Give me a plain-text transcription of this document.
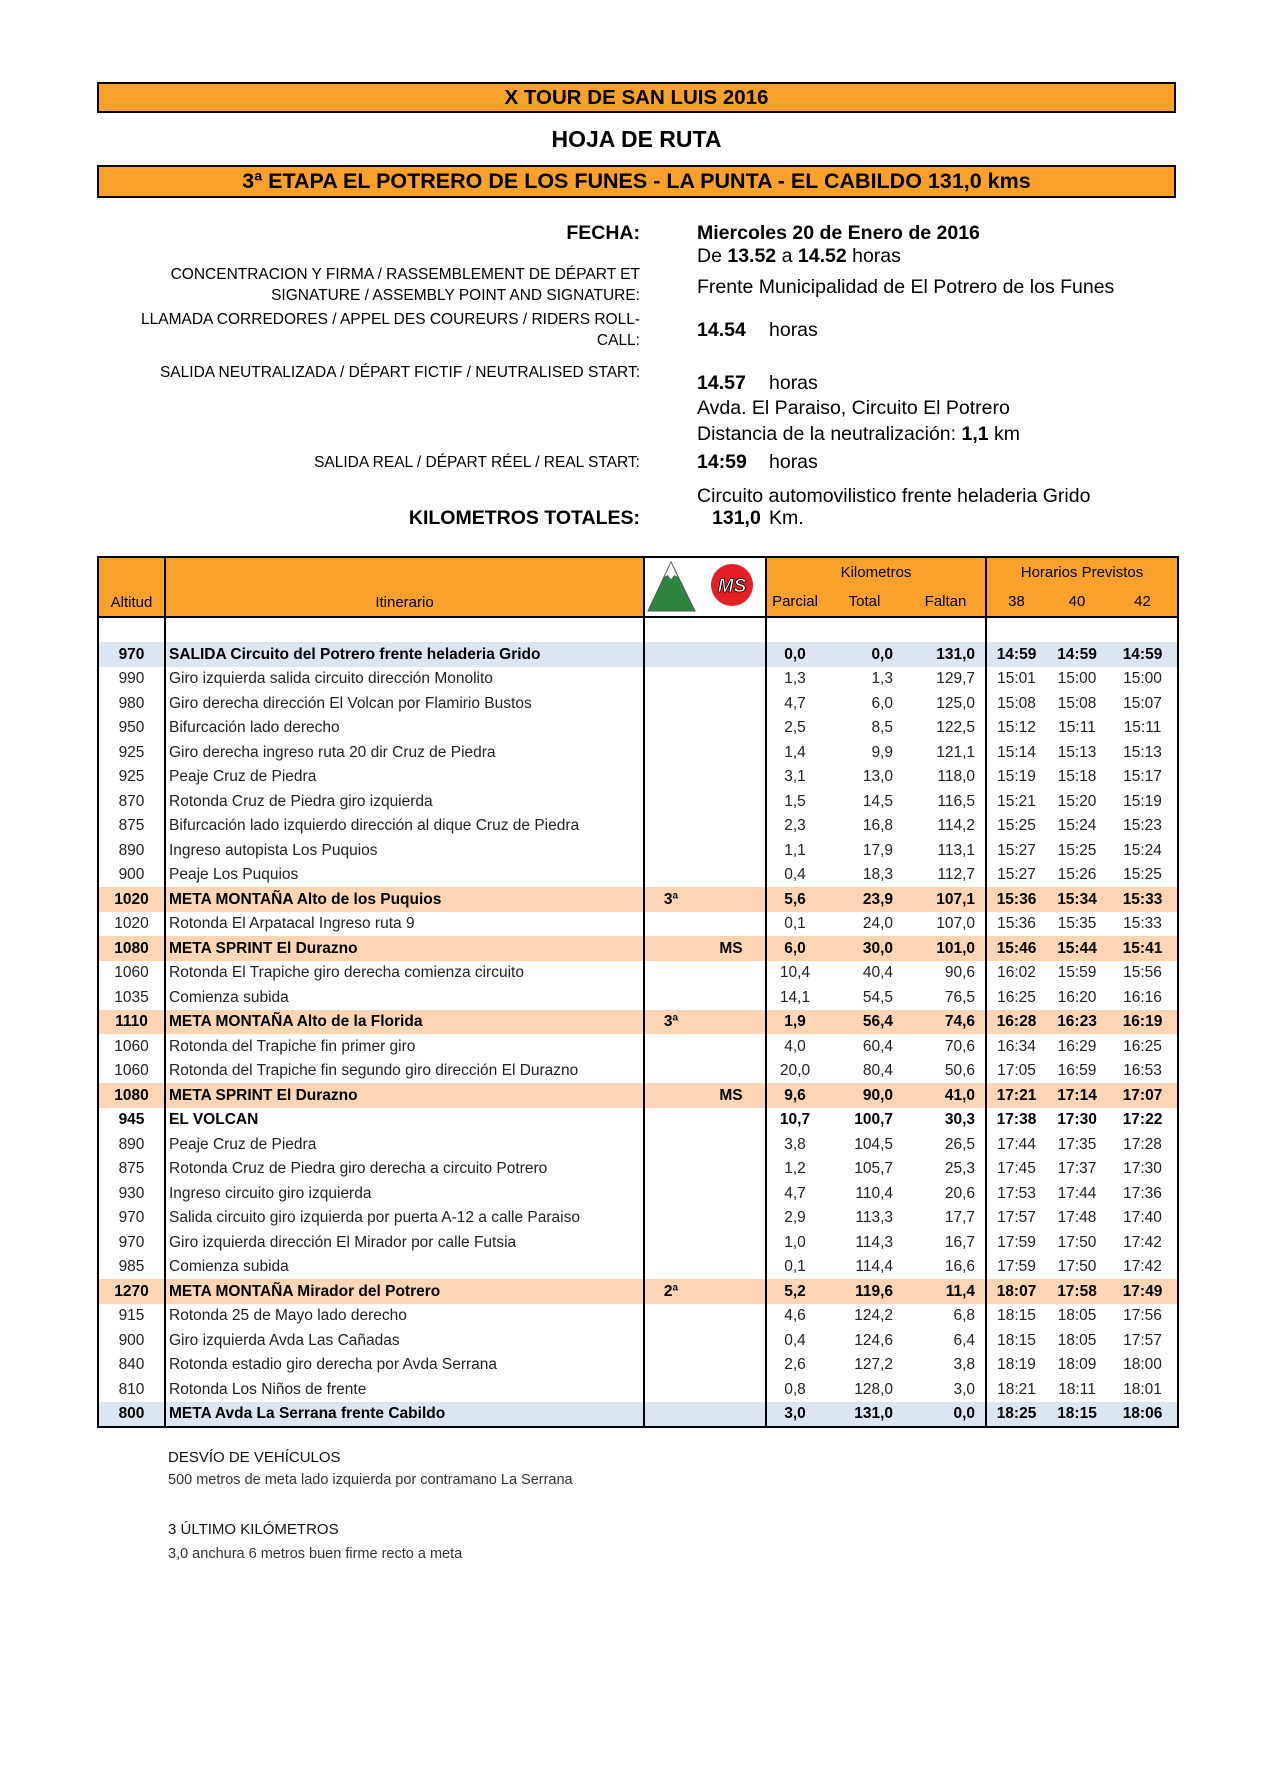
X TOUR DE SAN LUIS 2016
HOJA DE RUTA
3ª ETAPA EL POTRERO DE LOS FUNES - LA PUNTA - EL CABILDO 131,0 kms
FECHA:	Miercoles 20 de Enero de 2016
De 13.52 a 14.52 horas
CONCENTRACION Y FIRMA / RASSEMBLEMENT DE DÉPART ET
SIGNATURE / ASSEMBLY POINT AND SIGNATURE:	Frente Municipalidad de El Potrero de los Funes
LLAMADA CORREDORES / APPEL DES COUREURS / RIDERS ROLL-
CALL:	14.54 horas
SALIDA NEUTRALIZADA / DÉPART FICTIF / NEUTRALISED START:	14.57 horas
Avda. El Paraiso, Circuito El Potrero
Distancia de la neutralización: 1,1 km
SALIDA REAL / DÉPART RÉEL / REAL START:	14:59 horas
Circuito automovilistico frente heladeria Grido
KILOMETROS TOTALES:	131,0 Km.
Altitud	Itinerario		MS	Kilometros			Horarios Previstos		
				Parcial	Total	Faltan	38	40	42

970	SALIDA Circuito del Potrero frente heladeria Grido			0,0	0,0	131,0	14:59	14:59	14:59
990	Giro izquierda salida circuito dirección Monolito			1,3	1,3	129,7	15:01	15:00	15:00
980	Giro derecha dirección El Volcan por Flamirio Bustos			4,7	6,0	125,0	15:08	15:08	15:07
950	Bifurcación lado derecho			2,5	8,5	122,5	15:12	15:11	15:11
925	Giro derecha ingreso ruta 20 dir Cruz de Piedra			1,4	9,9	121,1	15:14	15:13	15:13
925	Peaje Cruz de Piedra			3,1	13,0	118,0	15:19	15:18	15:17
870	Rotonda Cruz de Piedra giro izquierda			1,5	14,5	116,5	15:21	15:20	15:19
875	Bifurcación lado izquierdo dirección al dique Cruz de Piedra			2,3	16,8	114,2	15:25	15:24	15:23
890	Ingreso autopista Los Puquios			1,1	17,9	113,1	15:27	15:25	15:24
900	Peaje Los Puquios			0,4	18,3	112,7	15:27	15:26	15:25
1020	META MONTAÑA Alto de los Puquios	3ª		5,6	23,9	107,1	15:36	15:34	15:33
1020	Rotonda El Arpatacal Ingreso ruta 9			0,1	24,0	107,0	15:36	15:35	15:33
1080	META SPRINT El Durazno		MS	6,0	30,0	101,0	15:46	15:44	15:41
1060	Rotonda El Trapiche giro derecha comienza circuito			10,4	40,4	90,6	16:02	15:59	15:56
1035	Comienza subida			14,1	54,5	76,5	16:25	16:20	16:16
1110	META MONTAÑA Alto de la Florida	3ª		1,9	56,4	74,6	16:28	16:23	16:19
1060	Rotonda del Trapiche fin primer giro			4,0	60,4	70,6	16:34	16:29	16:25
1060	Rotonda del Trapiche fin segundo giro dirección El Durazno			20,0	80,4	50,6	17:05	16:59	16:53
1080	META SPRINT El Durazno		MS	9,6	90,0	41,0	17:21	17:14	17:07
945	EL VOLCAN			10,7	100,7	30,3	17:38	17:30	17:22
890	Peaje Cruz de Piedra			3,8	104,5	26,5	17:44	17:35	17:28
875	Rotonda Cruz de Piedra giro derecha a circuito Potrero			1,2	105,7	25,3	17:45	17:37	17:30
930	Ingreso circuito giro izquierda			4,7	110,4	20,6	17:53	17:44	17:36
970	Salida circuito giro izquierda por puerta A-12 a calle Paraiso			2,9	113,3	17,7	17:57	17:48	17:40
970	Giro izquierda dirección El Mirador por calle Futsia			1,0	114,3	16,7	17:59	17:50	17:42
985	Comienza subida			0,1	114,4	16,6	17:59	17:50	17:42
1270	META MONTAÑA Mirador del Potrero	2ª		5,2	119,6	11,4	18:07	17:58	17:49
915	Rotonda 25 de Mayo lado derecho			4,6	124,2	6,8	18:15	18:05	17:56
900	Giro izquierda Avda Las Cañadas			0,4	124,6	6,4	18:15	18:05	17:57
840	Rotonda estadio giro derecha por Avda Serrana			2,6	127,2	3,8	18:19	18:09	18:00
810	Rotonda Los Niños de frente			0,8	128,0	3,0	18:21	18:11	18:01
800	META Avda La Serrana frente Cabildo			3,0	131,0	0,0	18:25	18:15	18:06
DESVÍO DE VEHÍCULOS
500 metros de meta lado izquierda por contramano La Serrana
3 ÚLTIMO KILÓMETROS
3,0 anchura 6 metros buen firme recto a meta
